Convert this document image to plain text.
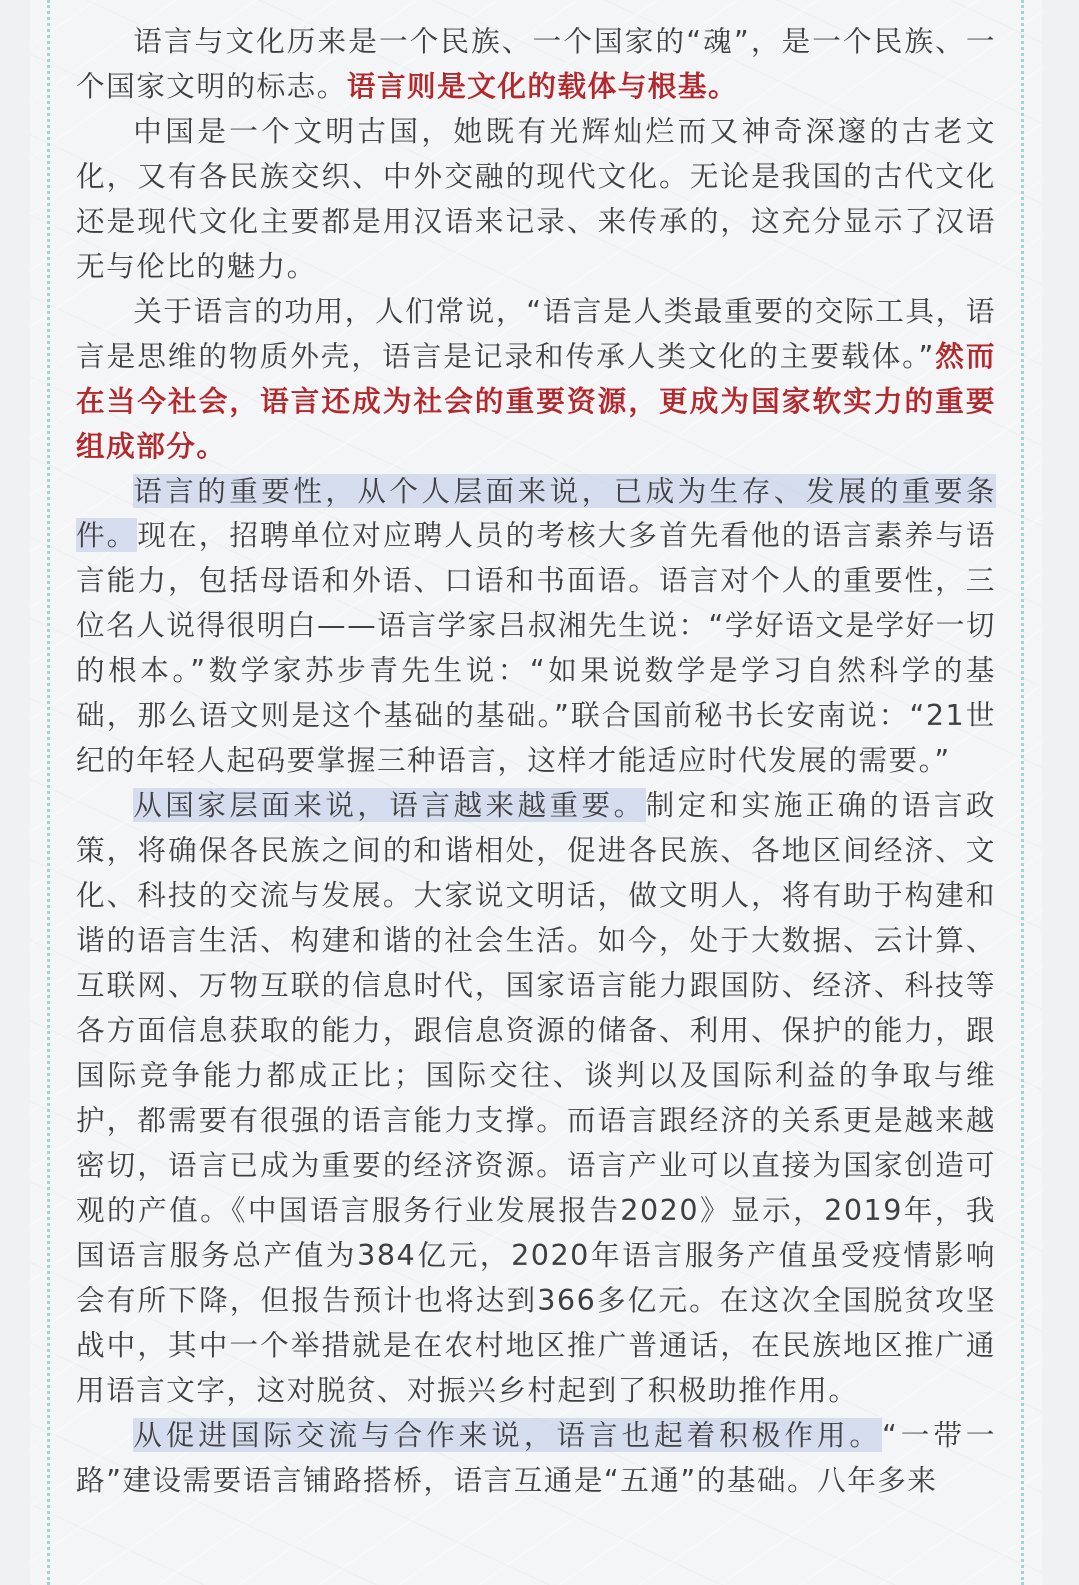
语言与文化历来是一个民族、一个国家的“魂”，是一个民族、一个国家文明的标志。语言则是文化的载体与根基。

中国是一个文明古国，她既有光辉灿烂而又神奇深邃的古老文化，又有各民族交织、中外交融的现代文化。无论是我国的古代文化还是现代文化主要都是用汉语来记录、来传承的，这充分显示了汉语无与伦比的魅力。

关于语言的功用，人们常说，“语言是人类最重要的交际工具，语言是思维的物质外壳，语言是记录和传承人类文化的主要载体。”然而在当今社会，语言还成为社会的重要资源，更成为国家软实力的重要组成部分。

语言的重要性，从个人层面来说，已成为生存、发展的重要条件。现在，招聘单位对应聘人员的考核大多首先看他的语言素养与语言能力，包括母语和外语、口语和书面语。语言对个人的重要性，三位名人说得很明白——语言学家吕叔湘先生说：“学好语文是学好一切的根本。”数学家苏步青先生说：“如果说数学是学习自然科学的基础，那么语文则是这个基础的基础。”联合国前秘书长安南说：“21世纪的年轻人起码要掌握三种语言，这样才能适应时代发展的需要。”

从国家层面来说，语言越来越重要。制定和实施正确的语言政策，将确保各民族之间的和谐相处，促进各民族、各地区间经济、文化、科技的交流与发展。大家说文明话，做文明人，将有助于构建和谐的语言生活、构建和谐的社会生活。如今，处于大数据、云计算、互联网、万物互联的信息时代，国家语言能力跟国防、经济、科技等各方面信息获取的能力，跟信息资源的储备、利用、保护的能力，跟国际竞争能力都成正比；国际交往、谈判以及国际利益的争取与维护，都需要有很强的语言能力支撑。而语言跟经济的关系更是越来越密切，语言已成为重要的经济资源。语言产业可以直接为国家创造可观的产值。《中国语言服务行业发展报告2020》显示，2019年，我国语言服务总产值为384亿元，2020年语言服务产值虽受疫情影响会有所下降，但报告预计也将达到366多亿元。在这次全国脱贫攻坚战中，其中一个举措就是在农村地区推广普通话，在民族地区推广通用语言文字，这对脱贫、对振兴乡村起到了积极助推作用。

从促进国际交流与合作来说，语言也起着积极作用。“一带一路”建设需要语言铺路搭桥，语言互通是“五通”的基础。八年多来
